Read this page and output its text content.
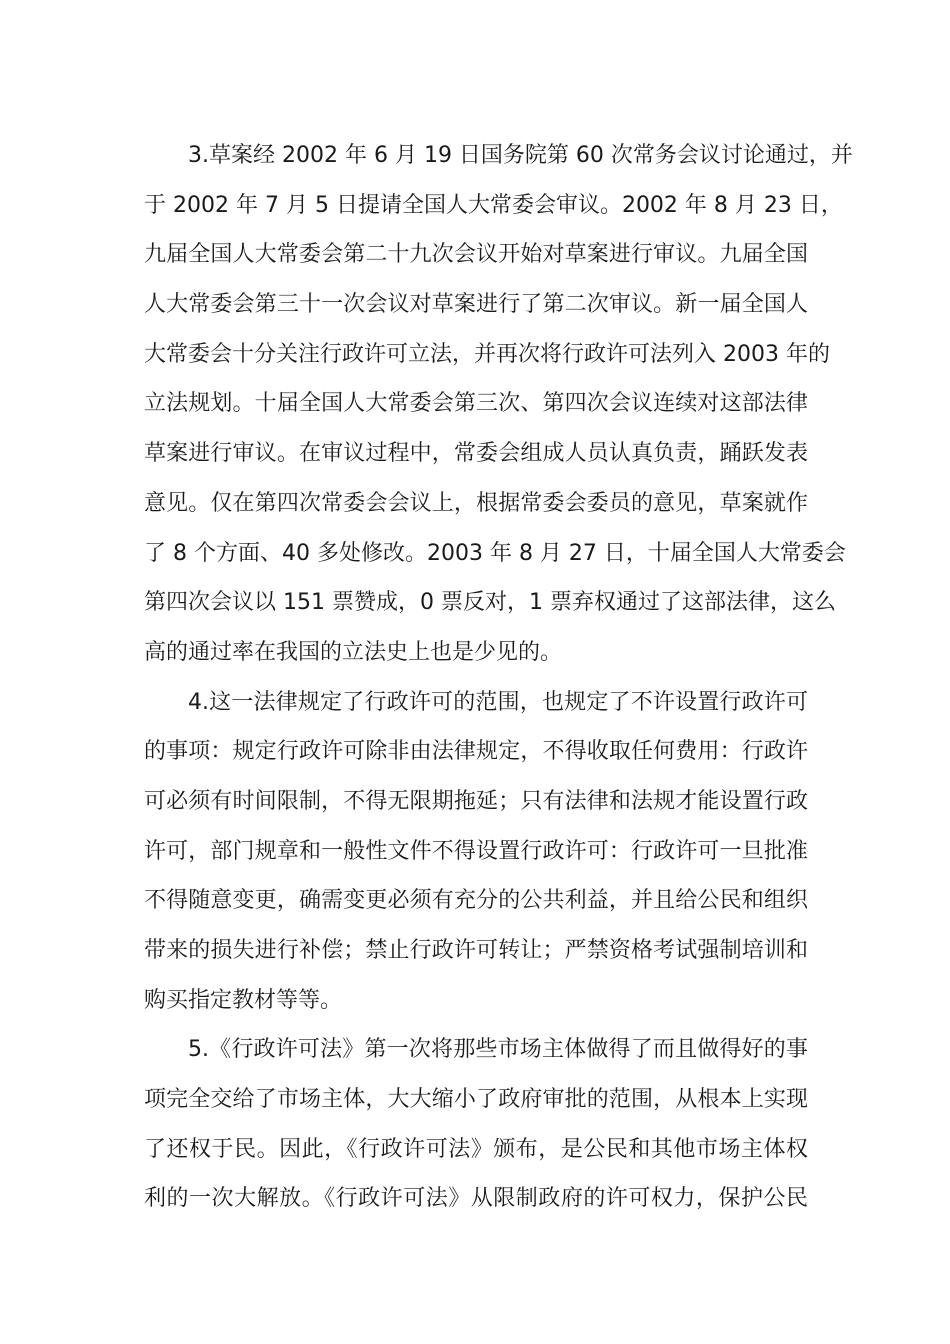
3.草案经 2002 年 6 月 19 日国务院第 60 次常务会议讨论通过，并
于 2002 年 7 月 5 日提请全国人大常委会审议。2002 年 8 月 23 日，
九届全国人大常委会第二十九次会议开始对草案进行审议。九届全国
人大常委会第三十一次会议对草案进行了第二次审议。新一届全国人
大常委会十分关注行政许可立法，并再次将行政许可法列入 2003 年的
立法规划。十届全国人大常委会第三次、第四次会议连续对这部法律
草案进行审议。在审议过程中，常委会组成人员认真负责，踊跃发表
意见。仅在第四次常委会会议上，根据常委会委员的意见，草案就作
了 8 个方面、40 多处修改。2003 年 8 月 27 日，十届全国人大常委会
第四次会议以 151 票赞成，0 票反对，1 票弃权通过了这部法律，这么
高的通过率在我国的立法史上也是少见的。
4.这一法律规定了行政许可的范围，也规定了不许设置行政许可
的事项：规定行政许可除非由法律规定，不得收取任何费用：行政许
可必须有时间限制，不得无限期拖延；只有法律和法规才能设置行政
许可，部门规章和一般性文件不得设置行政许可：行政许可一旦批准
不得随意变更，确需变更必须有充分的公共利益，并且给公民和组织
带来的损失进行补偿；禁止行政许可转让；严禁资格考试强制培训和
购买指定教材等等。
5.《行政许可法》第一次将那些市场主体做得了而且做得好的事
项完全交给了市场主体，大大缩小了政府审批的范围，从根本上实现
了还权于民。因此，《行政许可法》颁布，是公民和其他市场主体权
利的一次大解放。《行政许可法》从限制政府的许可权力，保护公民
